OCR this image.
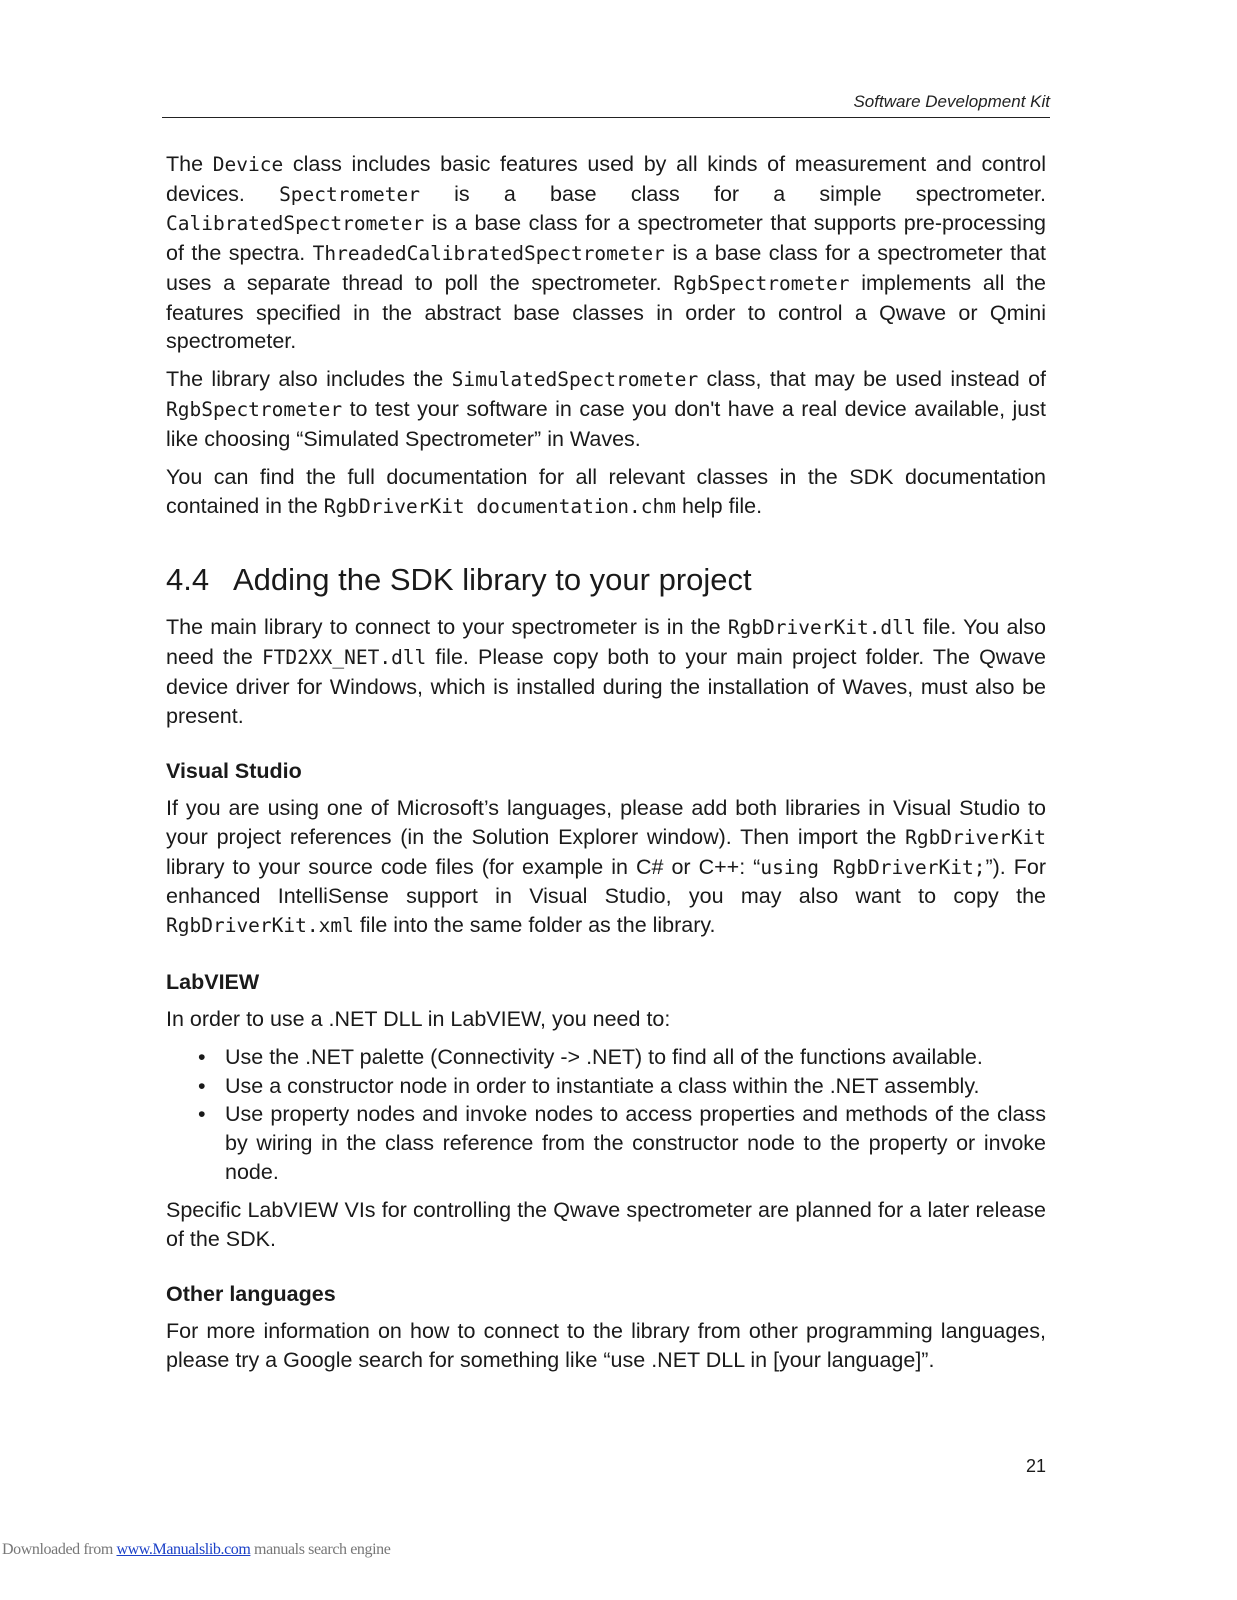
Software Development Kit

The Device class includes basic features used by all kinds of measurement and control devices. Spectrometer is a base class for a simple spectrometer. CalibratedSpectrometer is a base class for a spectrometer that supports pre-processing of the spectra. ThreadedCalibratedSpectrometer is a base class for a spectrometer that uses a separate thread to poll the spectrometer. RgbSpectrometer implements all the features specified in the abstract base classes in order to control a Qwave or Qmini spectrometer.

The library also includes the SimulatedSpectrometer class, that may be used instead of RgbSpectrometer to test your software in case you don't have a real device available, just like choosing “Simulated Spectrometer” in Waves.

You can find the full documentation for all relevant classes in the SDK documentation contained in the RgbDriverKit documentation.chm help file.

4.4 Adding the SDK library to your project

The main library to connect to your spectrometer is in the RgbDriverKit.dll file. You also need the FTD2XX_NET.dll file. Please copy both to your main project folder. The Qwave device driver for Windows, which is installed during the installation of Waves, must also be present.

Visual Studio

If you are using one of Microsoft’s languages, please add both libraries in Visual Studio to your project references (in the Solution Explorer window). Then import the RgbDriverKit library to your source code files (for example in C# or C++: “using RgbDriverKit;”). For enhanced IntelliSense support in Visual Studio, you may also want to copy the RgbDriverKit.xml file into the same folder as the library.

LabVIEW

In order to use a .NET DLL in LabVIEW, you need to:

• Use the .NET palette (Connectivity -> .NET) to find all of the functions available.
• Use a constructor node in order to instantiate a class within the .NET assembly.
• Use property nodes and invoke nodes to access properties and methods of the class by wiring in the class reference from the constructor node to the property or invoke node.

Specific LabVIEW VIs for controlling the Qwave spectrometer are planned for a later release of the SDK.

Other languages

For more information on how to connect to the library from other programming languages, please try a Google search for something like “use .NET DLL in [your language]”.

21
Downloaded from www.Manualslib.com manuals search engine
